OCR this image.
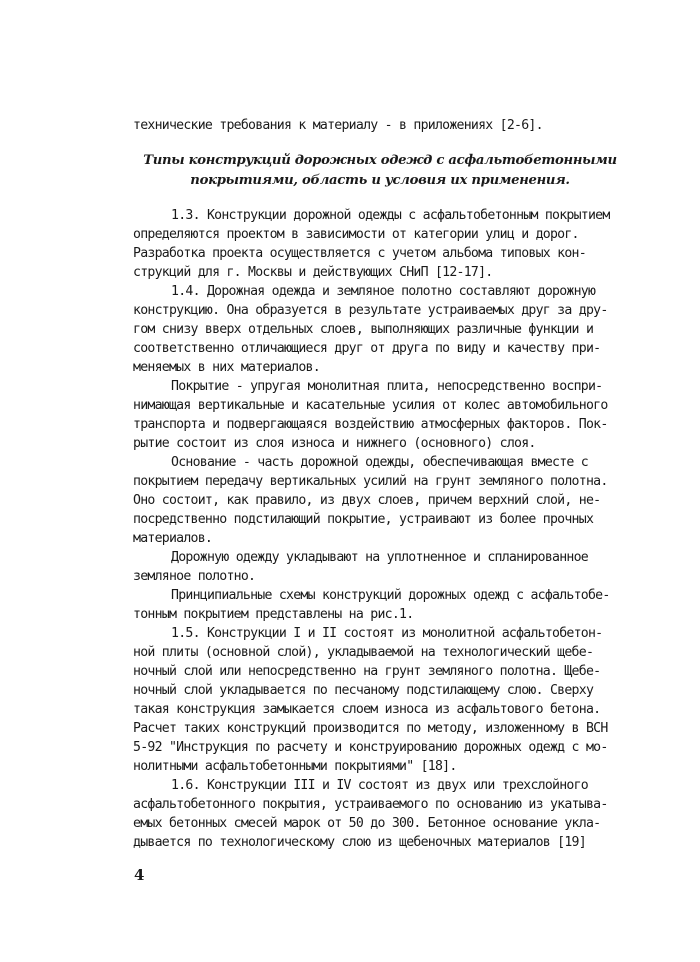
технические требования к материалу - в приложениях [2-6].
Типы конструкций дорожных одежд с асфальтобетонными
покрытиями, область и условия их применения.
1.3. Конструкции дорожной одежды с асфальтобетонным покрытием
определяются проектом в зависимости от категории улиц и дорог.
Разработка проекта осуществляется с учетом альбома типовых кон-
струкций для г. Москвы и действующих СНиП [12-17].
1.4. Дорожная одежда и земляное полотно составляют дорожную
конструкцию. Она образуется в результате устраиваемых друг за дру-
гом снизу вверх отдельных слоев, выполняющих различные функции и
соответственно отличающиеся друг от друга по виду и качеству при-
меняемых в них материалов.
Покрытие - упругая монолитная плита, непосредственно воспри-
нимающая вертикальные и касательные усилия от колес автомобильного
транспорта и подвергающаяся воздействию атмосферных факторов. Пок-
рытие состоит из слоя износа и нижнего (основного) слоя.
Основание - часть дорожной одежды, обеспечивающая вместе с
покрытием передачу вертикальных усилий на грунт земляного полотна.
Оно состоит, как правило, из двух слоев, причем верхний слой, не-
посредственно подстилающий покрытие, устраивают из более прочных
материалов.
Дорожную одежду укладывают на уплотненное и спланированное
земляное полотно.
Принципиальные схемы конструкций дорожных одежд с асфальтобе-
тонным покрытием представлены на рис.1.
1.5. Конструкции I и II состоят из монолитной асфальтобетон-
ной плиты (основной слой), укладываемой на технологический щебе-
ночный слой или непосредственно на грунт земляного полотна. Щебе-
ночный слой укладывается по песчаному подстилающему слою. Сверху
такая конструкция замыкается слоем износа из асфальтового бетона.
Расчет таких конструкций производится по методу, изложенному в ВСН
5-92 "Инструкция по расчету и конструированию дорожных одежд с мо-
нолитными асфальтобетонными покрытиями" [18].
1.6. Конструкции III и IV состоят из двух или трехслойного
асфальтобетонного покрытия, устраиваемого по основанию из укатыва-
емых бетонных смесей марок от 50 до 300. Бетонное основание укла-
дывается по технологическому слою из щебеночных материалов [19]
4
